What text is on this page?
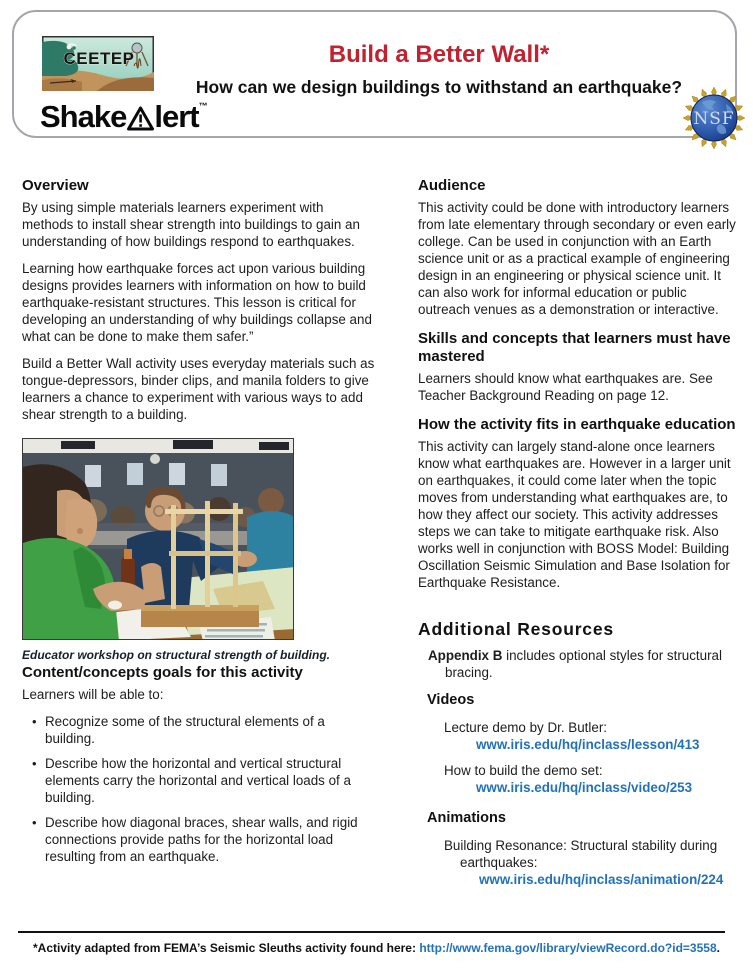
CEETEP
Shake lert ™
Build a Better Wall*
How can we design buildings to withstand an earthquake?
NSF
Overview

By using simple materials learners experiment with methods to install shear strength into buildings to gain an understanding of how buildings respond to earthquakes.

Learning how earthquake forces act upon various building designs provides learners with information on how to build earthquake-resistant structures. This lesson is critical for developing an understanding of why buildings collapse and what can be done to make them safer.”

Build a Better Wall activity uses everyday materials such as tongue-depressors, binder clips, and manila folders to give learners a chance to experiment with various ways to add shear strength to a building.

Educator workshop on structural strength of building.
Content/concepts goals for this activity

Learners will be able to:

• Recognize some of the structural elements of a building.
• Describe how the horizontal and vertical structural elements carry the horizontal and vertical loads of a building.
• Describe how diagonal braces, shear walls, and rigid connections provide paths for the horizontal load resulting from an earthquake.
Audience

This activity could be done with introductory learners from late elementary through secondary or even early college. Can be used in conjunction with an Earth science unit or as a practical example of engineering design in an engineering or physical science unit. It can also work for informal education or public outreach venues as a demonstration or interactive.

Skills and concepts that learners must have mastered

Learners should know what earthquakes are. See Teacher Background Reading on page 12.

How the activity fits in earthquake education

This activity can largely stand-alone once learners know what earthquakes are. However in a larger unit on earthquakes, it could come later when the topic moves from understanding what earthquakes are, to how they affect our society. This activity addresses steps we can take to mitigate earthquake risk. Also works well in conjunction with BOSS Model: Building Oscillation Seismic Simulation and Base Isolation for Earthquake Resistance.

Additional Resources

Appendix B includes optional styles for structural bracing.

Videos
Lecture demo by Dr. Butler:
www.iris.edu/hq/inclass/lesson/413
How to build the demo set:
www.iris.edu/hq/inclass/video/253
Animations
Building Resonance: Structural stability during earthquakes:
www.iris.edu/hq/inclass/animation/224
*Activity adapted from FEMA’s Seismic Sleuths activity found here: http://www.fema.gov/library/viewRecord.do?id=3558.
